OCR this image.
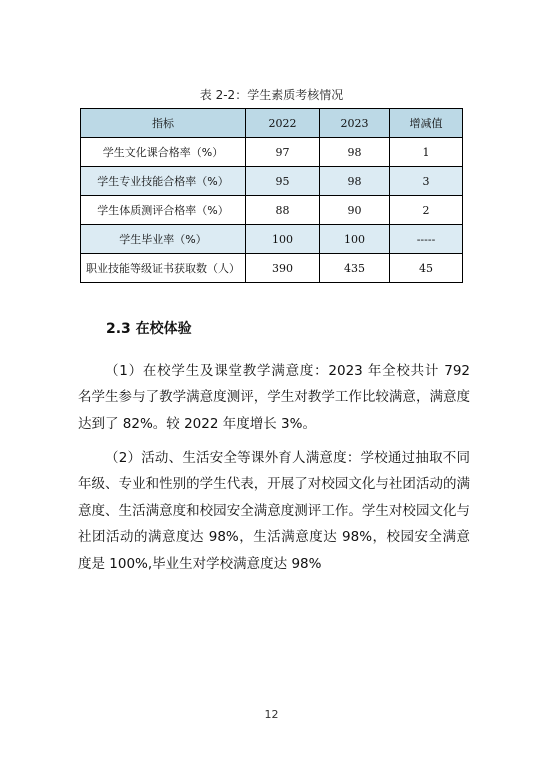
表 2-2：学生素质考核情况
指标	2022	2023	增减值
学生文化课合格率（%）	97	98	1
学生专业技能合格率（%）	95	98	3
学生体质测评合格率（%）	88	90	2
学生毕业率（%）	100	100	-----
职业技能等级证书获取数（人）	390	435	45
2.3 在校体验

（1）在校学生及课堂教学满意度：2023 年全校共计 792 名学生参与了教学满意度测评，学生对教学工作比较满意，满意度达到了 82%。较 2022 年度增长 3%。

（2）活动、生活安全等课外育人满意度：学校通过抽取不同年级、专业和性别的学生代表，开展了对校园文化与社团活动的满意度、生活满意度和校园安全满意度测评工作。学生对校园文化与社团活动的满意度达 98%，生活满意度达 98%，校园安全满意度是 100%,毕业生对学校满意度达 98%

12
